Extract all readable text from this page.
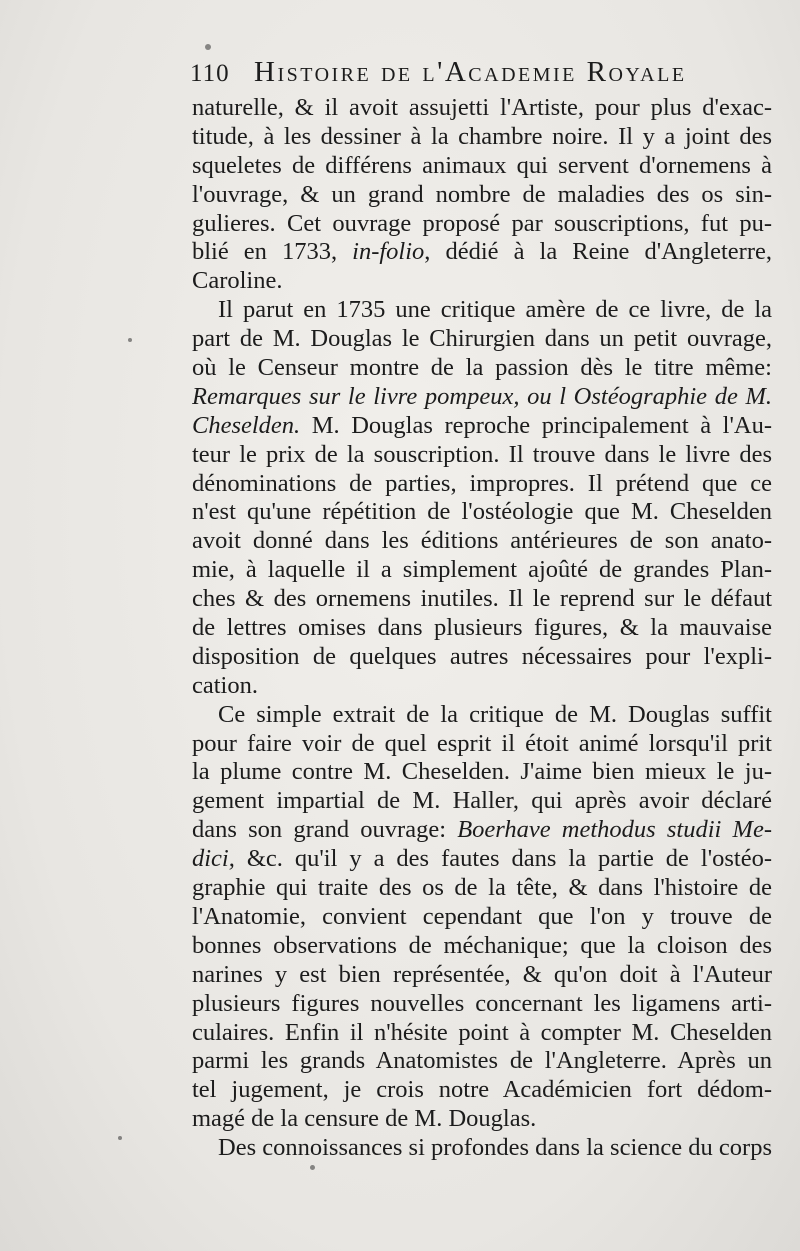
110 Histoire de l'Academie Royale
naturelle, & il avoit assujetti l'Artiste, pour plus d'exac-
titude, à les dessiner à la chambre noire. Il y a joint des
squeletes de différens animaux qui servent d'ornemens à
l'ouvrage, & un grand nombre de maladies des os sin-
gulieres. Cet ouvrage proposé par souscriptions, fut pu-
blié en 1733, in-folio, dédié à la Reine d'Angleterre,
Caroline.
Il parut en 1735 une critique amère de ce livre, de la
part de M. Douglas le Chirurgien dans un petit ouvrage,
où le Censeur montre de la passion dès le titre même:
Remarques sur le livre pompeux, ou l Ostéographie de M.
Cheselden. M. Douglas reproche principalement à l'Au-
teur le prix de la souscription. Il trouve dans le livre des
dénominations de parties, impropres. Il prétend que ce
n'est qu'une répétition de l'ostéologie que M. Cheselden
avoit donné dans les éditions antérieures de son anato-
mie, à laquelle il a simplement ajoûté de grandes Plan-
ches & des ornemens inutiles. Il le reprend sur le défaut
de lettres omises dans plusieurs figures, & la mauvaise
disposition de quelques autres nécessaires pour l'expli-
cation.
Ce simple extrait de la critique de M. Douglas suffit
pour faire voir de quel esprit il étoit animé lorsqu'il prit
la plume contre M. Cheselden. J'aime bien mieux le ju-
gement impartial de M. Haller, qui après avoir déclaré
dans son grand ouvrage: Boerhave methodus studii Me-
dici, &c. qu'il y a des fautes dans la partie de l'ostéo-
graphie qui traite des os de la tête, & dans l'histoire de
l'Anatomie, convient cependant que l'on y trouve de
bonnes observations de méchanique; que la cloison des
narines y est bien représentée, & qu'on doit à l'Auteur
plusieurs figures nouvelles concernant les ligamens arti-
culaires. Enfin il n'hésite point à compter M. Cheselden
parmi les grands Anatomistes de l'Angleterre. Après un
tel jugement, je crois notre Académicien fort dédom-
magé de la censure de M. Douglas.
Des connoissances si profondes dans la science du corps
